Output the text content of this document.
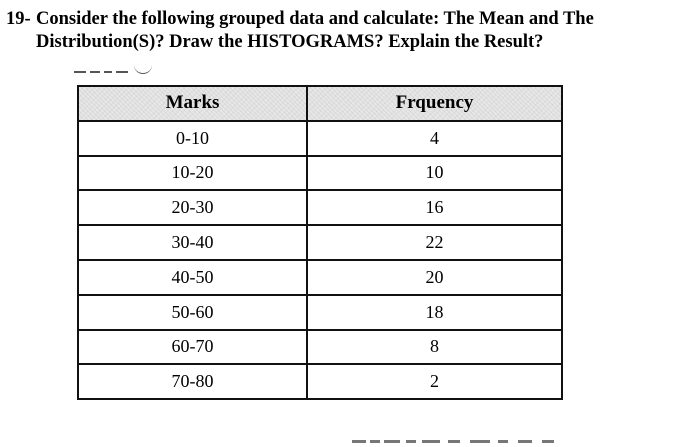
19- Consider the following grouped data and calculate: The Mean and The
Distribution(S)? Draw the HISTOGRAMS? Explain the Result?
Marks	Frquency
0-10	4
10-20	10
20-30	16
30-40	22
40-50	20
50-60	18
60-70	8
70-80	2
